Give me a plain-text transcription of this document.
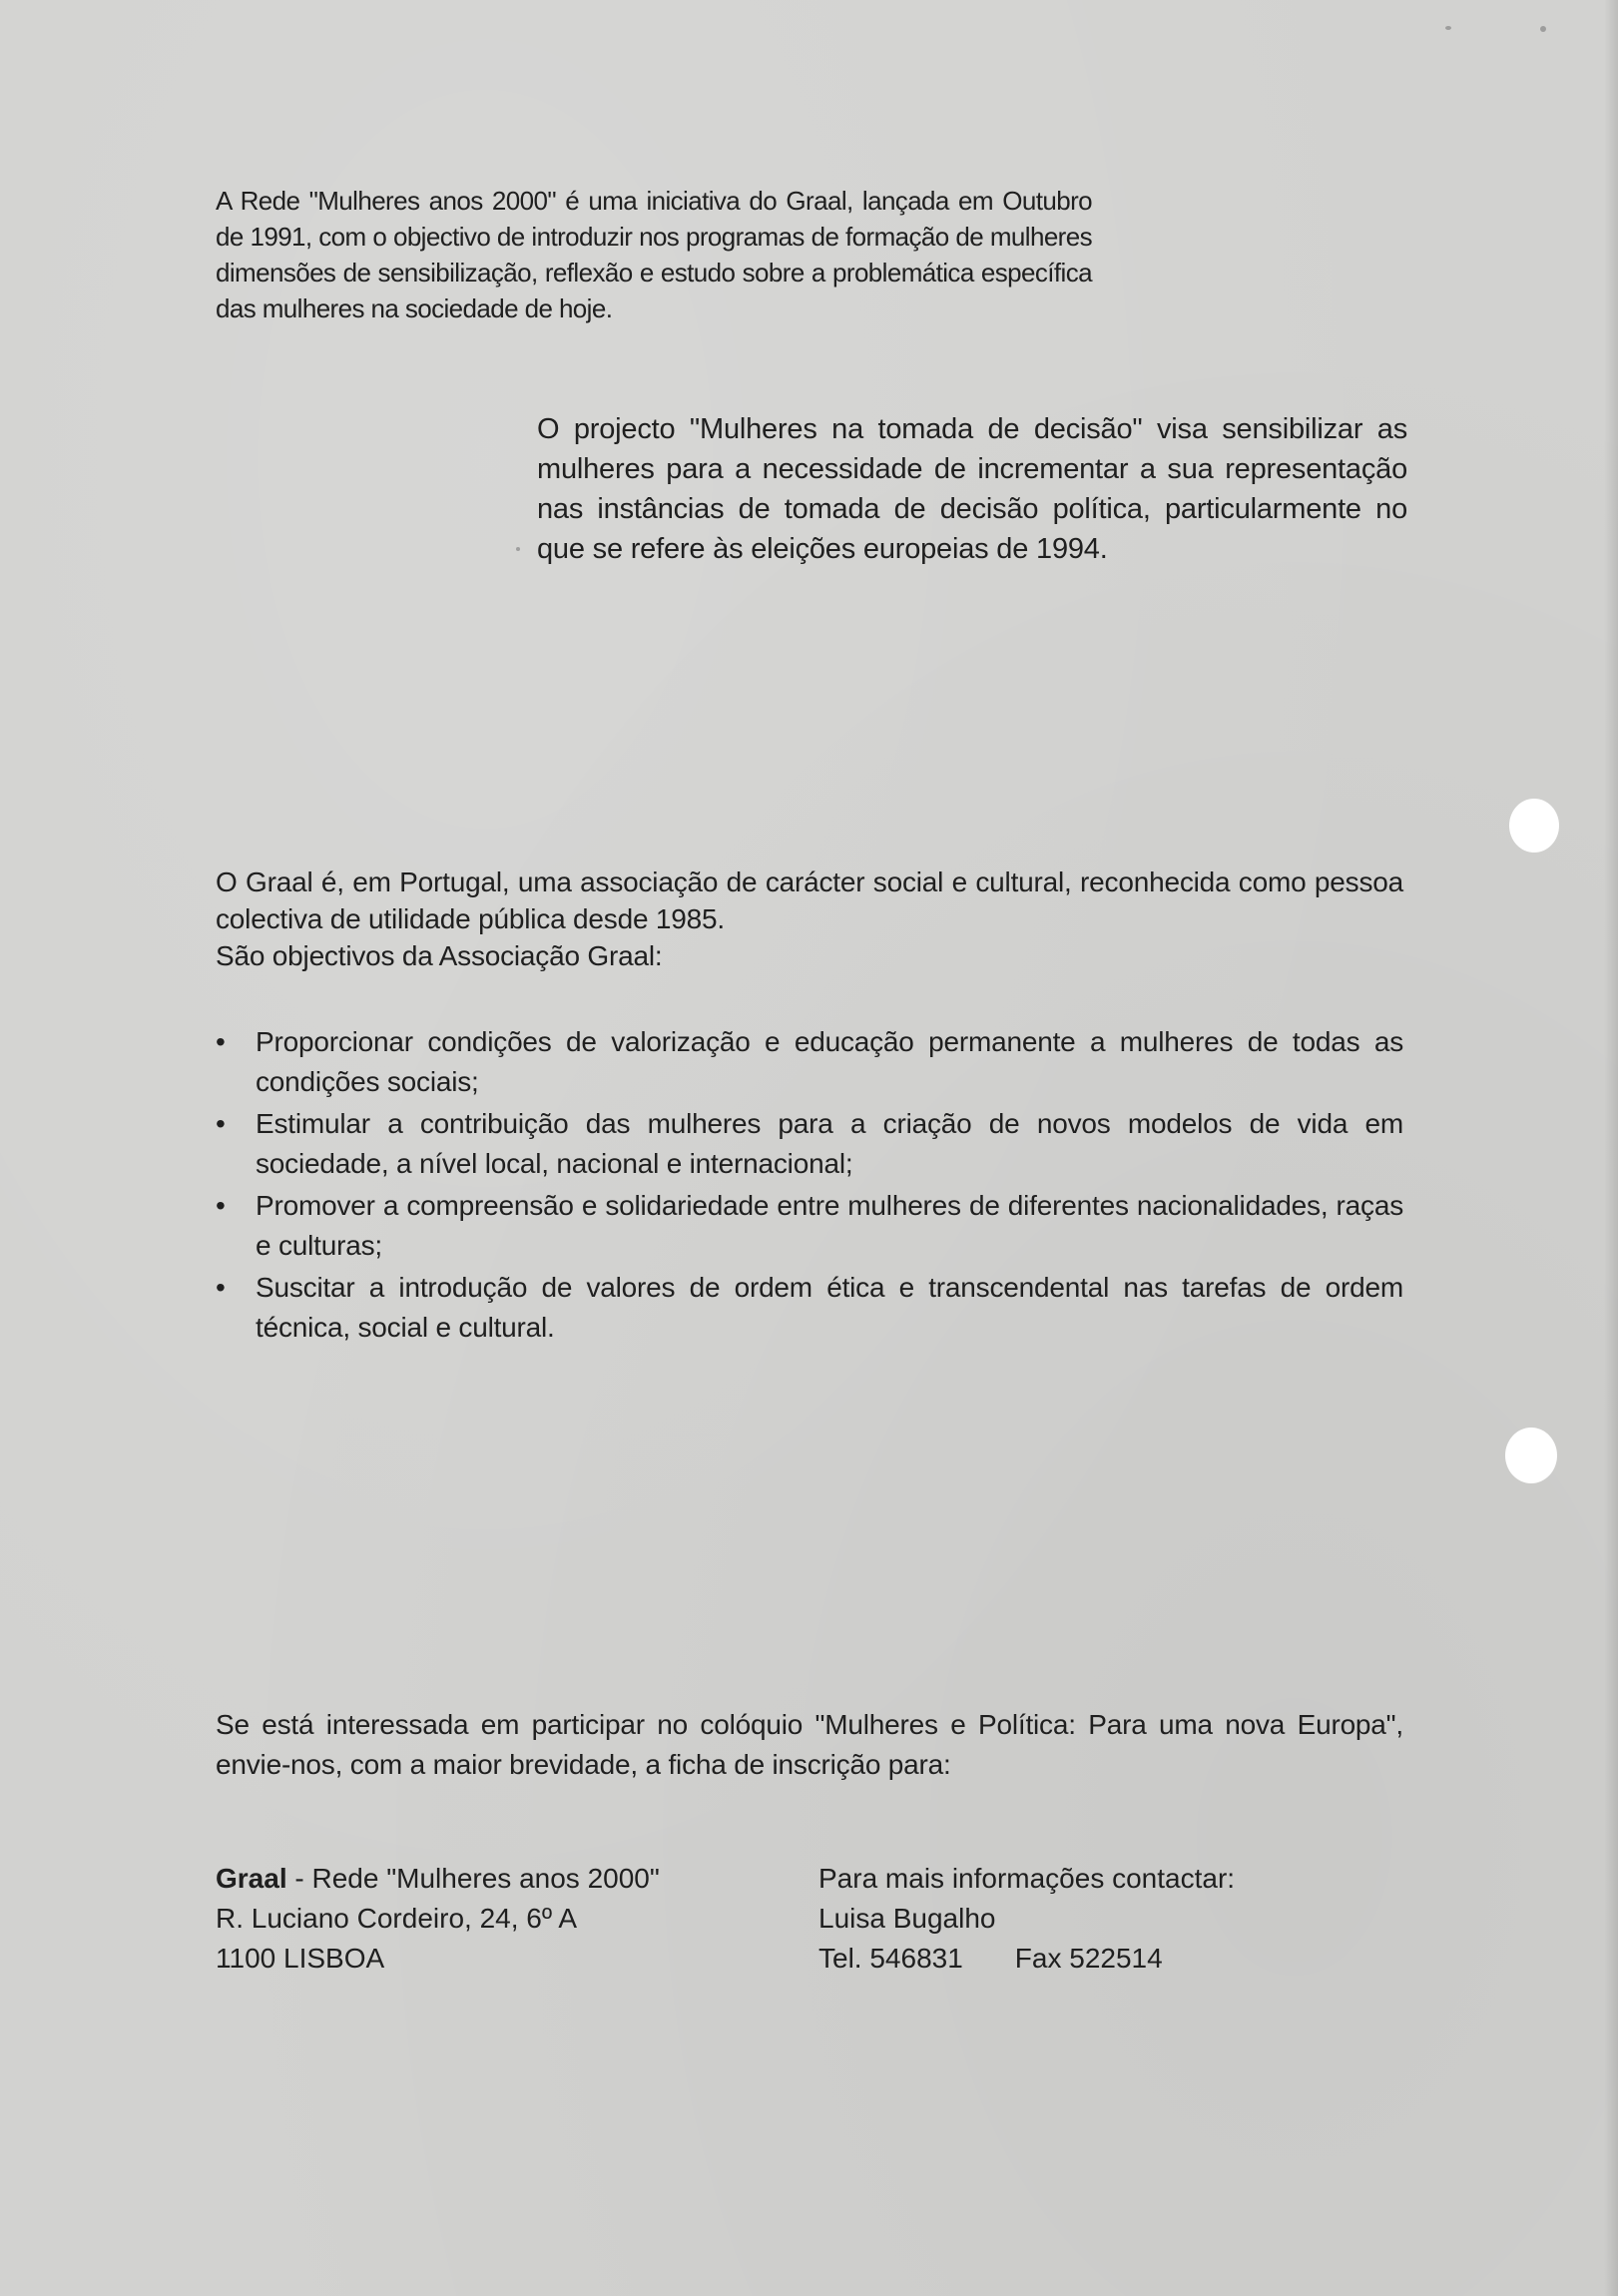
A Rede "Mulheres anos 2000" é uma iniciativa do Graal, lançada em Outubro de 1991, com o objectivo de introduzir nos programas de formação de mulheres dimensões de sensibilização, reflexão e estudo sobre a problemática específica das mulheres na sociedade de hoje.

O projecto "Mulheres na tomada de decisão" visa sensibilizar as mulheres para a necessidade de incrementar a sua representação nas instâncias de tomada de decisão política, particularmente no que se refere às eleições europeias de 1994.

O Graal é, em Portugal, uma associação de carácter social e cultural, reconhecida como pessoa colectiva de utilidade pública desde 1985.

São objectivos da Associação Graal:

•	Proporcionar condições de valorização e educação permanente a mulheres de todas as condições sociais;
•	Estimular a contribuição das mulheres para a criação de novos modelos de vida em sociedade, a nível local, nacional e internacional;
•	Promover a compreensão e solidariedade entre mulheres de diferentes nacionalidades, raças e culturas;
•	Suscitar a introdução de valores de ordem ética e transcendental nas tarefas de ordem técnica, social e cultural.

Se está interessada em participar no colóquio "Mulheres e Política: Para uma nova Europa", envie-nos, com a maior brevidade, a ficha de inscrição para:

Graal - Rede "Mulheres anos 2000"
R. Luciano Cordeiro, 24, 6º A
1100 LISBOA
Para mais informações contactar:
Luisa Bugalho
Tel. 546831 Fax 522514
